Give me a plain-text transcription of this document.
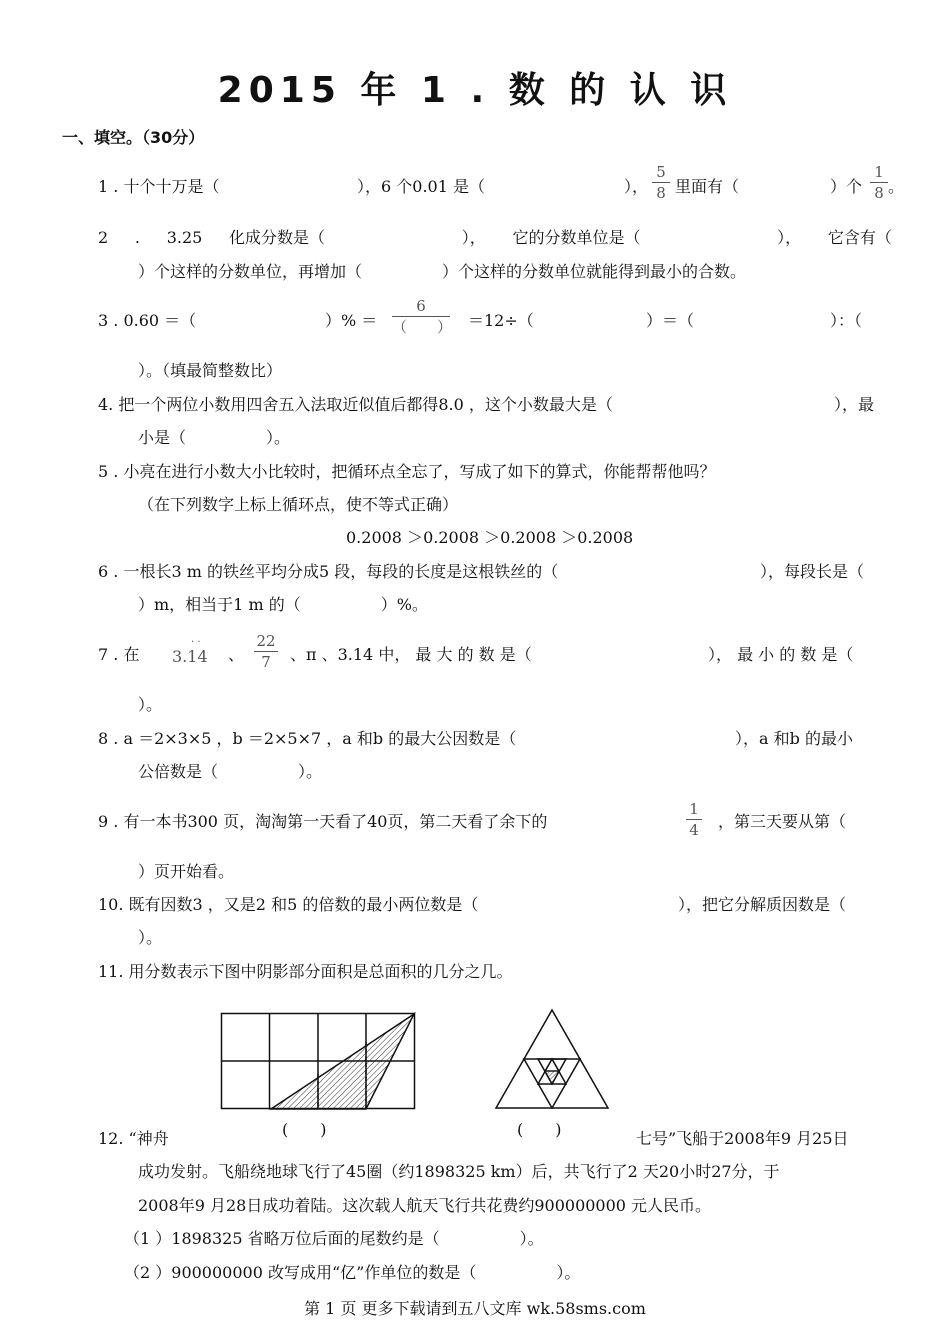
2015 年 1 . 数 的 认 识
一、填空。（30分）
1 . 十个十万是（	），6 个0.01 是（	），
5
8 里面有（	）个
1
8 。
2 . 3.25 化成分数是（	）， 它的分数单位是（	）， 它含有（
）个这样的分数单位，再增加（　　　　　）个这样的分数单位就能得到最小的合数。
3 . 0.60 ＝（	）% ＝
6
（　　） ＝12÷（	）＝（	）：（
）。（填最简整数比）
4. 把一个两位小数用四舍五入法取近似值后都得8.0 ，这个小数最大是（	），最
小是（　　　　　）。
5 . 小亮在进行小数大小比较时，把循环点全忘了，写成了如下的算式，你能帮帮他吗？
（在下列数字上标上循环点，使不等式正确）
0.2008 ＞0.2008 ＞0.2008 ＞0.2008
6 . 一根长3 m 的铁丝平均分成5 段，每段的长度是这根铁丝的（	），每段长是（
）m，相当于1 m 的（　　　　　）%。
7 . 在 3.14
· ·
、
22
7	、π 、3.14 中， 最 大 的 数 是（	）， 最 小 的 数 是（
）。
8 . a ＝2×3×5 ，b ＝2×5×7 ，a 和b 的最大公因数是（	），a 和b 的最小
公倍数是（　　　　　）。
9 . 有一本书300 页，淘淘第一天看了40页，第二天看了余下的
1
4 ，第三天要从第（
）页开始看。
10. 既有因数3 ，又是2 和5 的倍数的最小两位数是（	），把它分解质因数是（
）。
11. 用分数表示下图中阴影部分面积是总面积的几分之几。
(　　)	(　　)
12. “神舟	七号”飞船于2008年9 月25日
成功发射。飞船绕地球飞行了45圈（约1898325 km）后，共飞行了2 天20小时27分，于
2008年9 月28日成功着陆。这次载人航天飞行共花费约900000000 元人民币。
（1 ）1898325 省略万位后面的尾数约是（　　　　　）。
（2 ）900000000 改写成用“亿”作单位的数是（　　　　　）。
第 1 页 更多下载请到五八文库 wk.58sms.com
